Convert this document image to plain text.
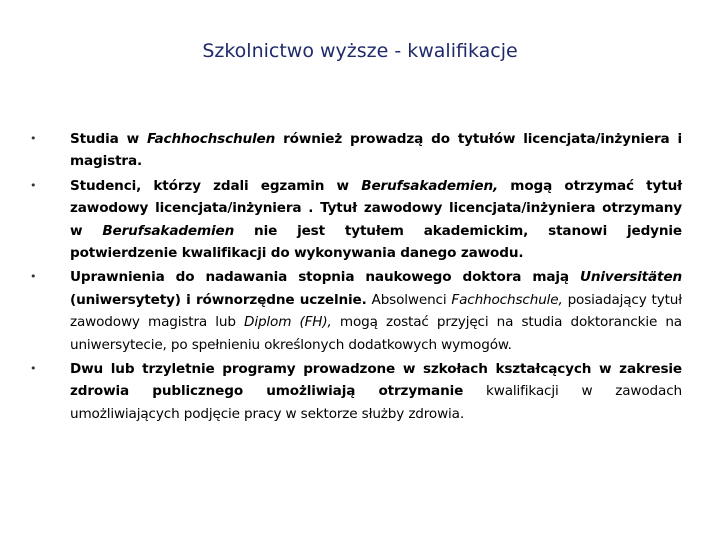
Szkolnictwo wyższe - kwalifikacje
• Studia w Fachhochschulen również prowadzą do tytułów licencjata/inżyniera i magistra.
• Studenci, którzy zdali egzamin w Berufsakademien, mogą otrzymać tytuł zawodowy licencjata/inżyniera . Tytuł zawodowy licencjata/inżyniera otrzymany w Berufsakademien nie jest tytułem akademickim, stanowi jedynie potwierdzenie kwalifikacji do wykonywania danego zawodu.
• Uprawnienia do nadawania stopnia naukowego doktora mają Universitäten (uniwersytety) i równorzędne uczelnie. Absolwenci Fachhochschule, posiadający tytuł zawodowy magistra lub Diplom (FH), mogą zostać przyjęci na studia doktoranckie na uniwersytecie, po spełnieniu określonych dodatkowych wymogów.
• Dwu lub trzyletnie programy prowadzone w szkołach kształcących w zakresie zdrowia publicznego umożliwiają otrzymanie kwalifikacji w zawodach umożliwiających podjęcie pracy w sektorze służby zdrowia.
